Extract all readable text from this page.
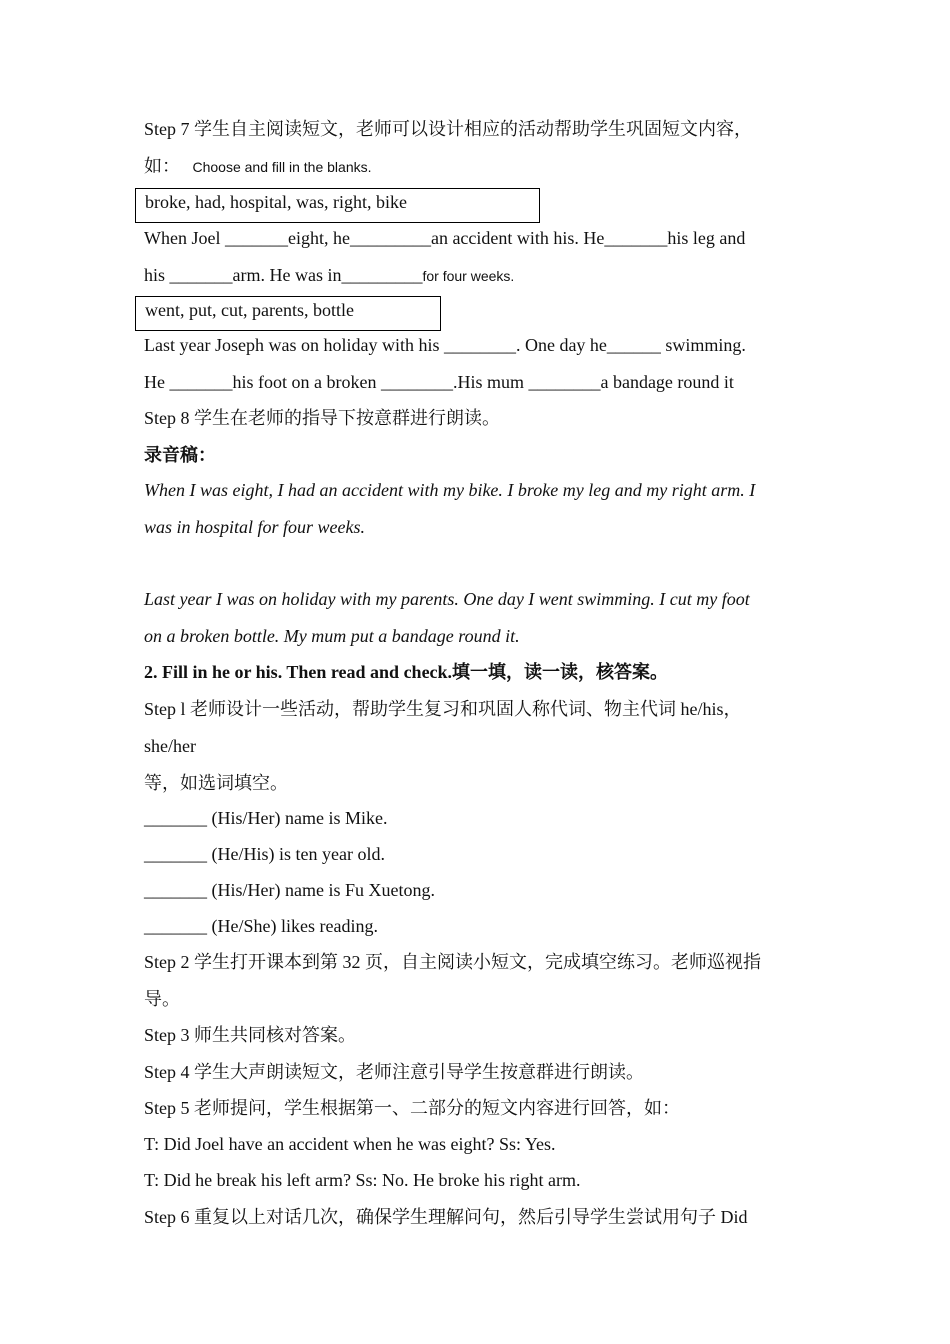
Step 7 学生自主阅读短文，老师可以设计相应的活动帮助学生巩固短文内容，
如： Choose and fill in the blanks.
broke, had, hospital, was, right, bike
When Joel _______eight, he_________an accident with his. He_______his leg and
his _______arm. He was in_________for four weeks.
went, put, cut, parents, bottle
Last year Joseph was on holiday with his ________. One day he______ swimming.
He _______his foot on a broken ________.His mum ________a bandage round it
Step 8 学生在老师的指导下按意群进行朗读。
录音稿：
When I was eight, I had an accident with my bike. I broke my leg and my right arm. I
was in hospital for four weeks.
Last year I was on holiday with my parents. One day I went swimming. I cut my foot
on a broken bottle. My mum put a bandage round it.
2. Fill in he or his. Then read and check.填一填，读一读，核答案。
Step l 老师设计一些活动，帮助学生复习和巩固人称代词、物主代词 he/his，
she/her
等，如选词填空。
_______ (His/Her) name is Mike.
_______ (He/His) is ten year old.
_______ (His/Her) name is Fu Xuetong.
_______ (He/She) likes reading.
Step 2 学生打开课本到第 32 页，自主阅读小短文，完成填空练习。老师巡视指
导。
Step 3 师生共同核对答案。
Step 4 学生大声朗读短文，老师注意引导学生按意群进行朗读。
Step 5 老师提问，学生根据第一、二部分的短文内容进行回答，如：
T: Did Joel have an accident when he was eight? Ss: Yes.
T: Did he break his left arm? Ss: No. He broke his right arm.
Step 6 重复以上对话几次，确保学生理解问句，然后引导学生尝试用句子 Did
